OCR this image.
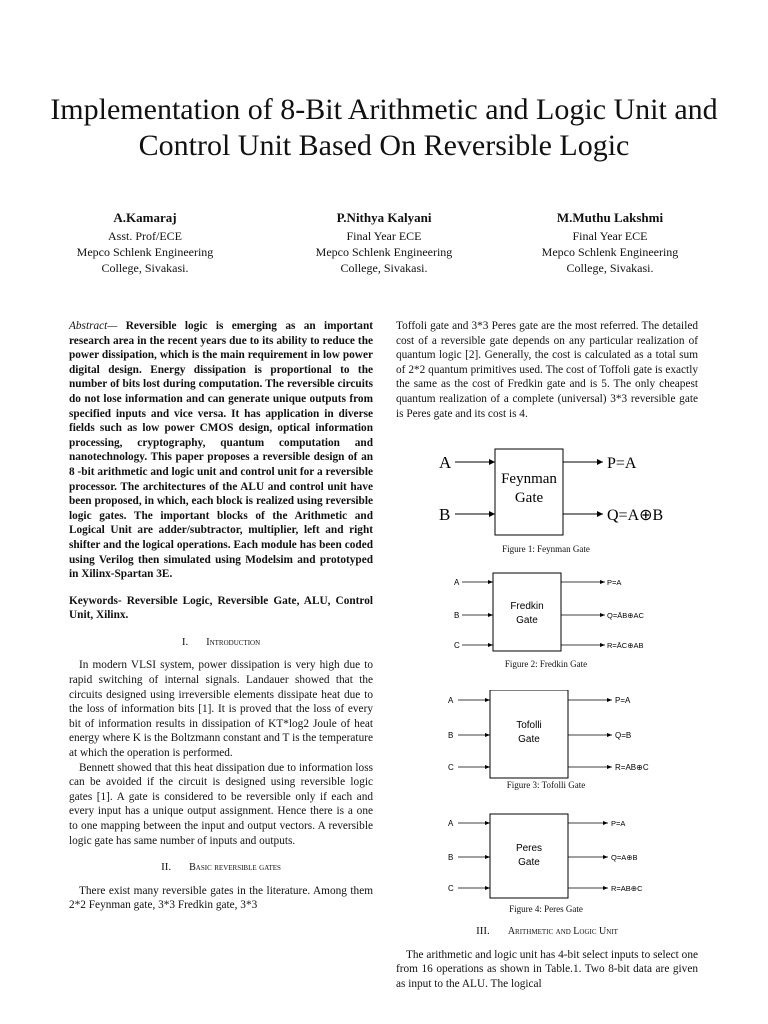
Implementation of 8-Bit Arithmetic and Logic Unit and Control Unit Based On Reversible Logic
A.Kamaraj
Asst. Prof/ECE
Mepco Schlenk Engineering
College, Sivakasi.
P.Nithya Kalyani
Final Year ECE
Mepco Schlenk Engineering
College, Sivakasi.
M.Muthu Lakshmi
Final Year ECE
Mepco Schlenk Engineering
College, Sivakasi.

Abstract— Reversible logic is emerging as an important research area in the recent years due to its ability to reduce the power dissipation, which is the main requirement in low power digital design. Energy dissipation is proportional to the number of bits lost during computation. The reversible circuits do not lose information and can generate unique outputs from specified inputs and vice versa. It has application in diverse fields such as low power CMOS design, optical information processing, cryptography, quantum computation and nanotechnology. This paper proposes a reversible design of an 8 -bit arithmetic and logic unit and control unit for a reversible processor. The architectures of the ALU and control unit have been proposed, in which, each block is realized using reversible logic gates. The important blocks of the Arithmetic and Logical Unit are adder/subtractor, multiplier, left and right shifter and the logical operations. Each module has been coded using Verilog then simulated using Modelsim and prototyped in Xilinx-Spartan 3E.

Keywords- Reversible Logic, Reversible Gate, ALU, Control Unit, Xilinx.

I. Introduction

In modern VLSI system, power dissipation is very high due to rapid switching of internal signals. Landauer showed that the circuits designed using irreversible elements dissipate heat due to the loss of information bits [1]. It is proved that the loss of every bit of information results in dissipation of KT*log2 Joule of heat energy where K is the Boltzmann constant and T is the temperature at which the operation is performed.

Bennett showed that this heat dissipation due to information loss can be avoided if the circuit is designed using reversible logic gates [1]. A gate is considered to be reversible only if each and every input has a unique output assignment. Hence there is a one to one mapping between the input and output vectors. A reversible logic gate has same number of inputs and outputs.

II. Basic reversible gates

There exist many reversible gates in the literature. Among them 2*2 Feynman gate, 3*3 Fredkin gate, 3*3

Toffoli gate and 3*3 Peres gate are the most referred. The detailed cost of a reversible gate depends on any particular realization of quantum logic [2]. Generally, the cost is calculated as a total sum of 2*2 quantum primitives used. The cost of Toffoli gate is exactly the same as the cost of Fredkin gate and is 5. The only cheapest quantum realization of a complete (universal) 3*3 reversible gate is Peres gate and its cost is 4.

A
B
Feynman
Gate
P=A
Q=A⊕B
Figure 1: Feynman Gate
A
B
C
Fredkin
Gate
P=A
Q=ĀB⊕AC
R=ĀC⊕AB
Figure 2: Fredkin Gate
A
B
C
Tofolli
Gate
P=A
Q=B
R=AB⊕C
Figure 3: Tofolli Gate
A
B
C
Peres
Gate
P=A
Q=A⊕B
R=AB⊕C
Figure 4: Peres Gate
III. Arithmetic and Logic Unit

The arithmetic and logic unit has 4-bit select inputs to select one from 16 operations as shown in Table.1. Two 8-bit data are given as input to the ALU. The logical
